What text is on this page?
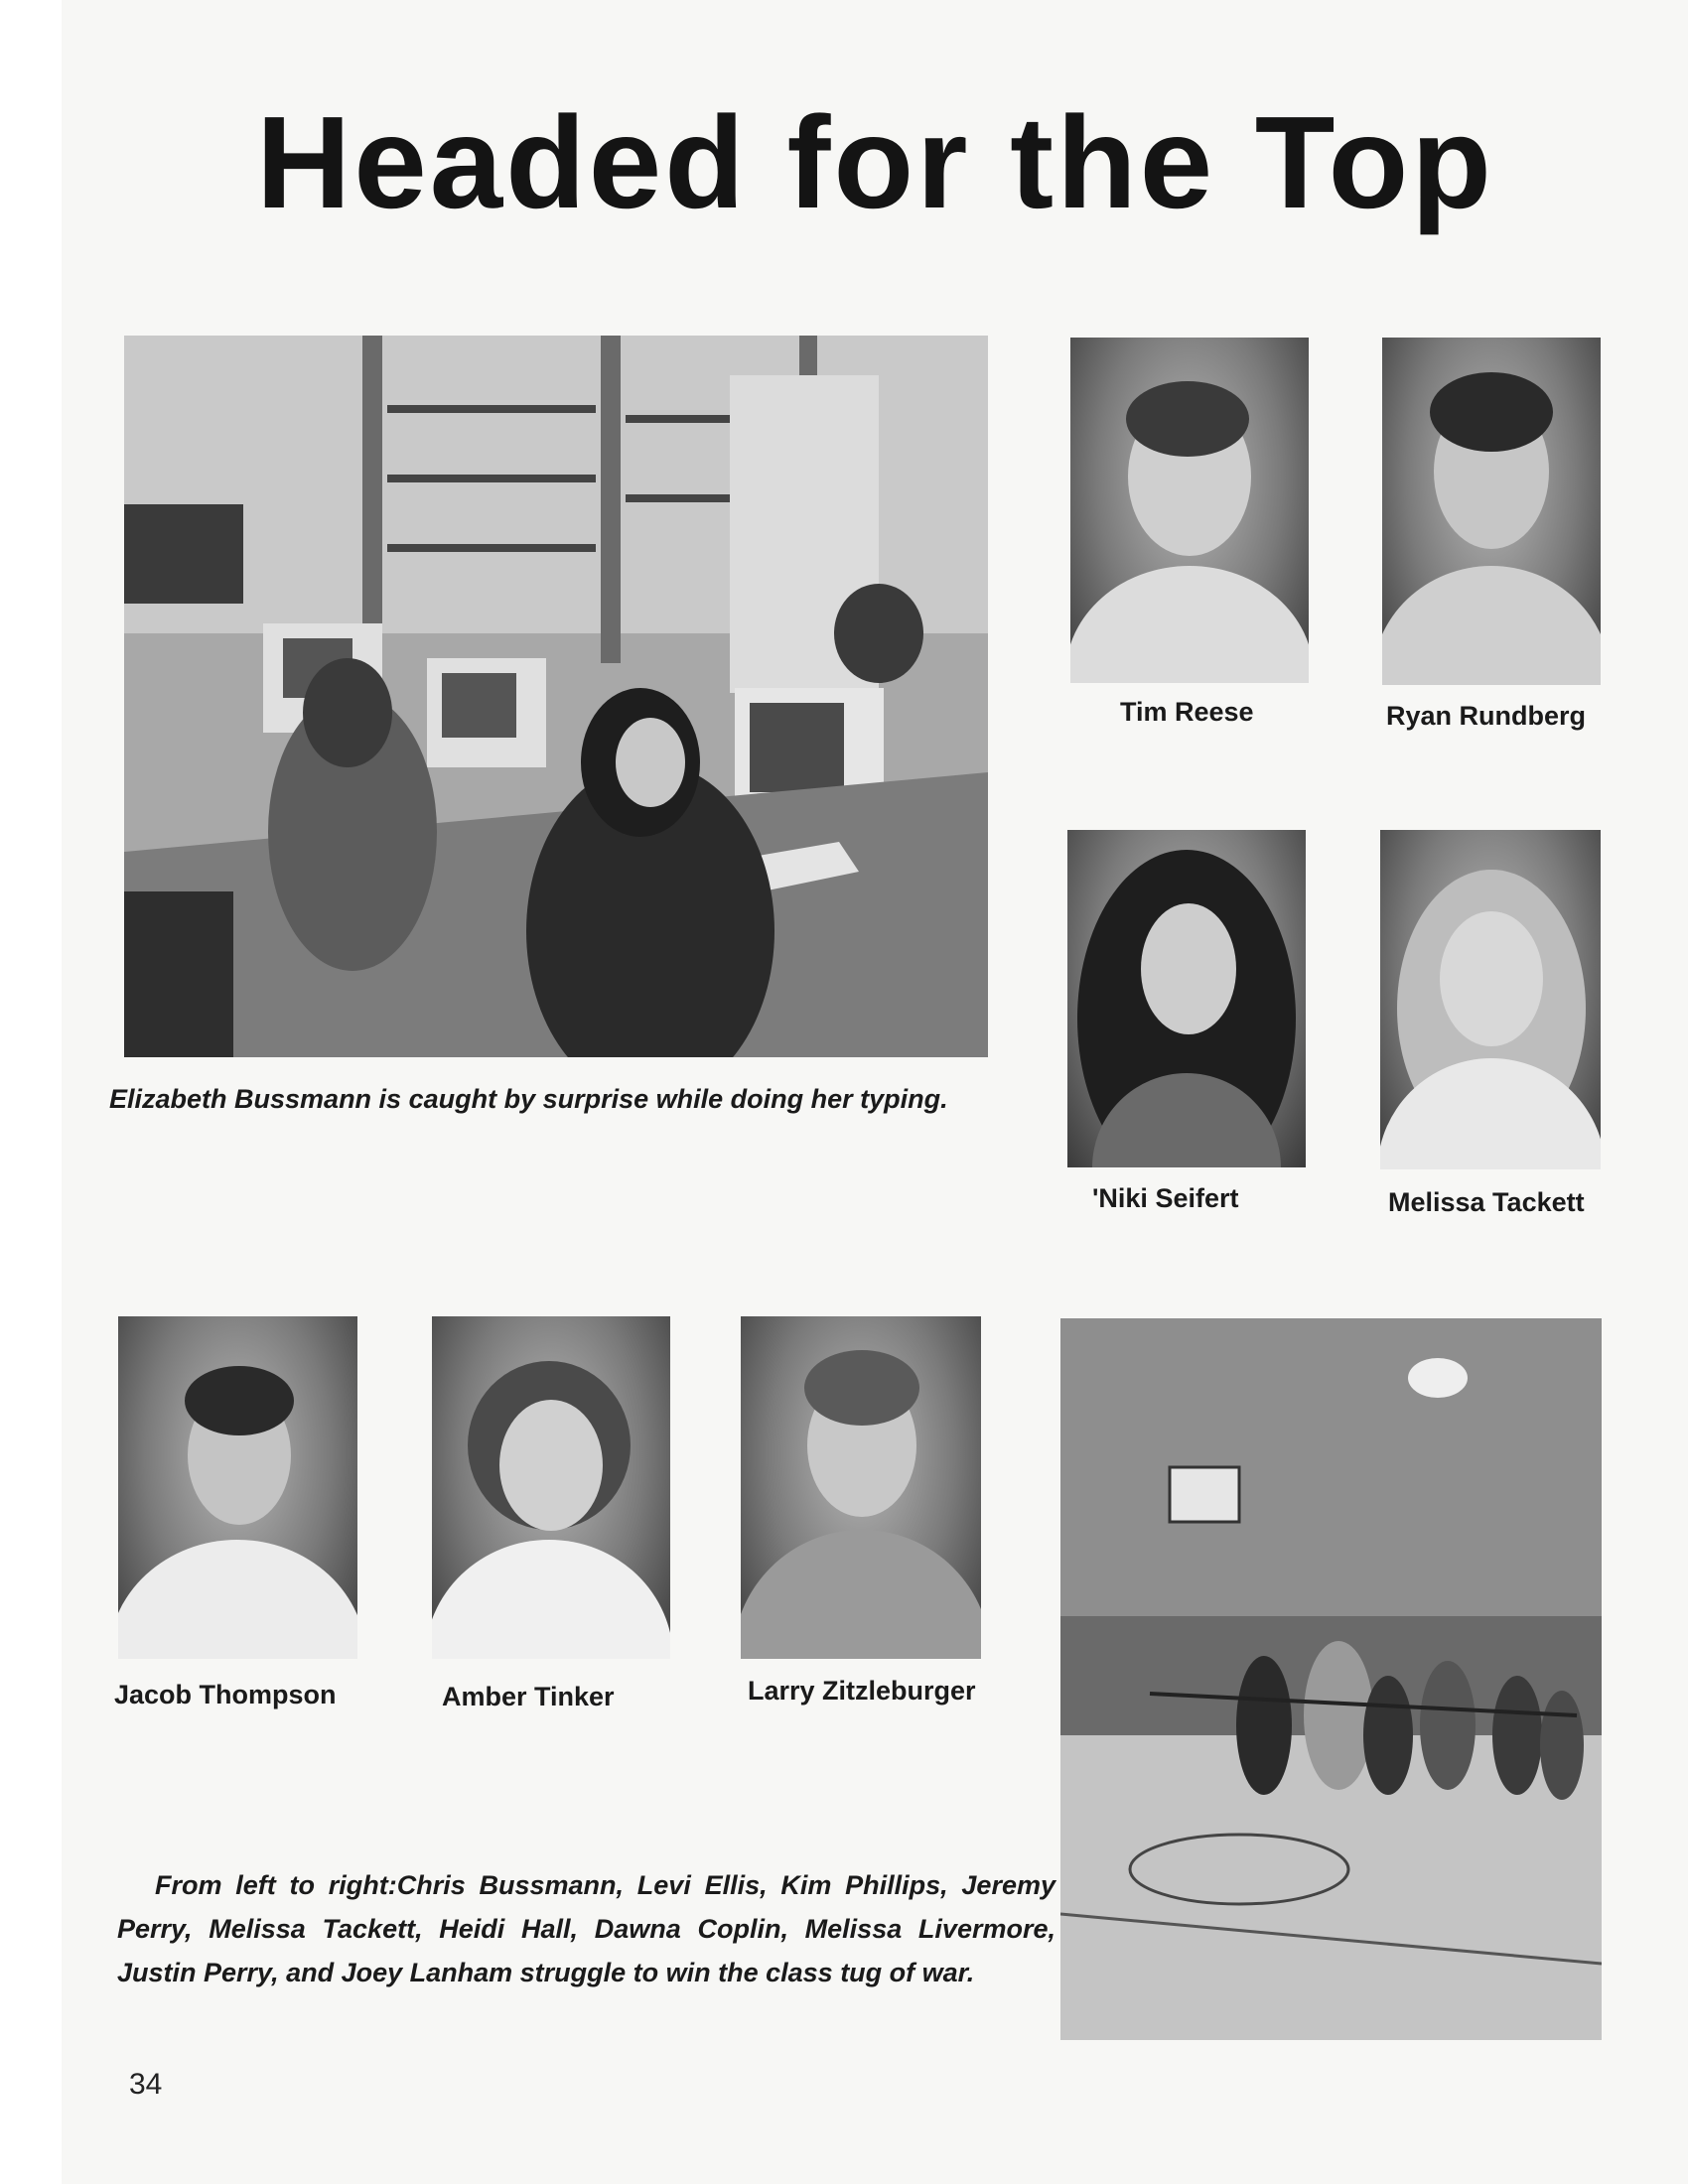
Headed for the Top
Elizabeth Bussmann is caught by surprise while doing her typing.
Tim Reese	Ryan Rundberg
'Niki Seifert	Melissa Tackett
Jacob Thompson	Amber Tinker	Larry Zitzleburger
From left to right:Chris Bussmann, Levi Ellis, Kim Phillips, Jeremy Perry, Melissa Tackett, Heidi Hall, Dawna Coplin, Melissa Livermore, Justin Perry, and Joey Lanham struggle to win the class tug of war.
34
